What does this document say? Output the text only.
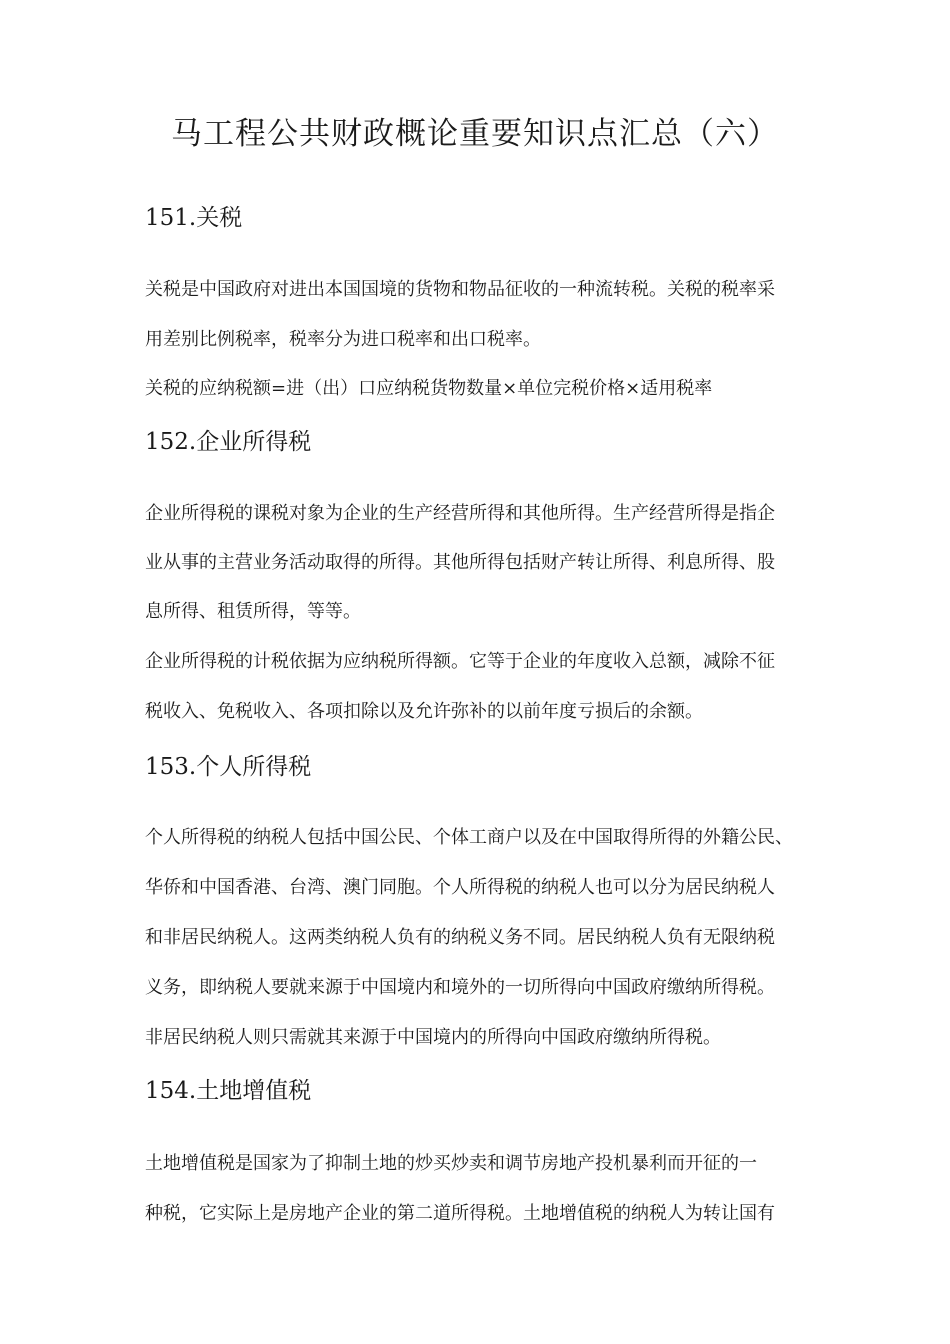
马工程公共财政概论重要知识点汇总（六）
151.关税

关税是中国政府对进出本国国境的货物和物品征收的一种流转税。关税的税率采

用差别比例税率，税率分为进口税率和出口税率。

关税的应纳税额=进（出）口应纳税货物数量×单位完税价格×适用税率

152.企业所得税

企业所得税的课税对象为企业的生产经营所得和其他所得。生产经营所得是指企

业从事的主营业务活动取得的所得。其他所得包括财产转让所得、利息所得、股

息所得、租赁所得，等等。

企业所得税的计税依据为应纳税所得额。它等于企业的年度收入总额，减除不征

税收入、免税收入、各项扣除以及允许弥补的以前年度亏损后的余额。

153.个人所得税

个人所得税的纳税人包括中国公民、个体工商户以及在中国取得所得的外籍公民、

华侨和中国香港、台湾、澳门同胞。个人所得税的纳税人也可以分为居民纳税人

和非居民纳税人。这两类纳税人负有的纳税义务不同。居民纳税人负有无限纳税

义务，即纳税人要就来源于中国境内和境外的一切所得向中国政府缴纳所得税。

非居民纳税人则只需就其来源于中国境内的所得向中国政府缴纳所得税。

154.土地增值税

土地增值税是国家为了抑制土地的炒买炒卖和调节房地产投机暴利而开征的一

种税，它实际上是房地产企业的第二道所得税。土地增值税的纳税人为转让国有
